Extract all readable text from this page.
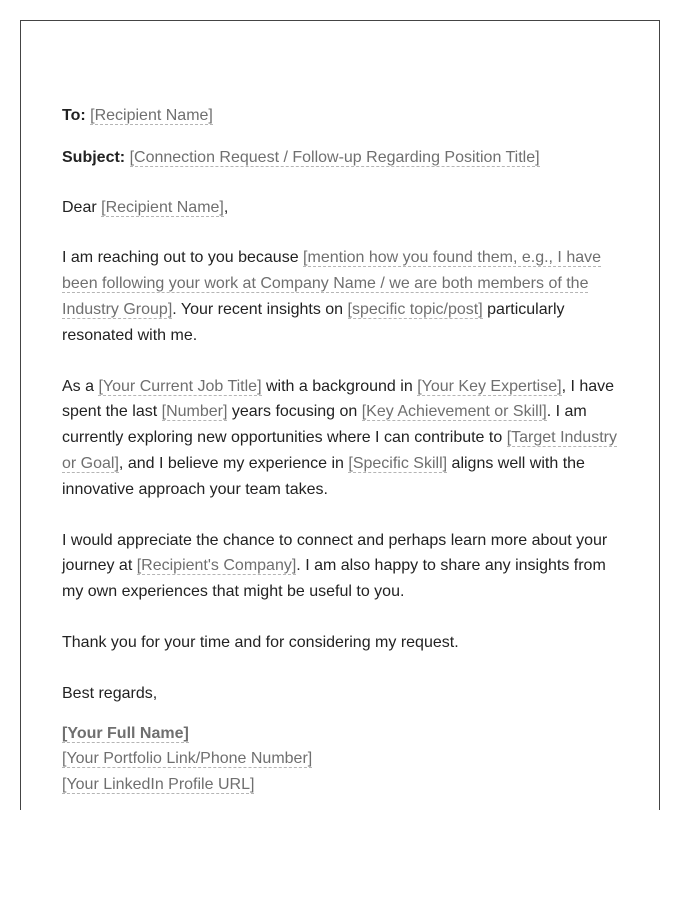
To: [Recipient Name]
Subject: [Connection Request / Follow-up Regarding Position Title]

Dear [Recipient Name],

I am reaching out to you because [mention how you found them, e.g., I have been following your work at Company Name / we are both members of the Industry Group]. Your recent insights on [specific topic/post] particularly resonated with me.

As a [Your Current Job Title] with a background in [Your Key Expertise], I have spent the last [Number] years focusing on [Key Achievement or Skill]. I am currently exploring new opportunities where I can contribute to [Target Industry or Goal], and I believe my experience in [Specific Skill] aligns well with the innovative approach your team takes.

I would appreciate the chance to connect and perhaps learn more about your journey at [Recipient's Company]. I am also happy to share any insights from my own experiences that might be useful to you.

Thank you for your time and for considering my request.

Best regards,

[Your Full Name]
[Your Portfolio Link/Phone Number]
[Your LinkedIn Profile URL]
